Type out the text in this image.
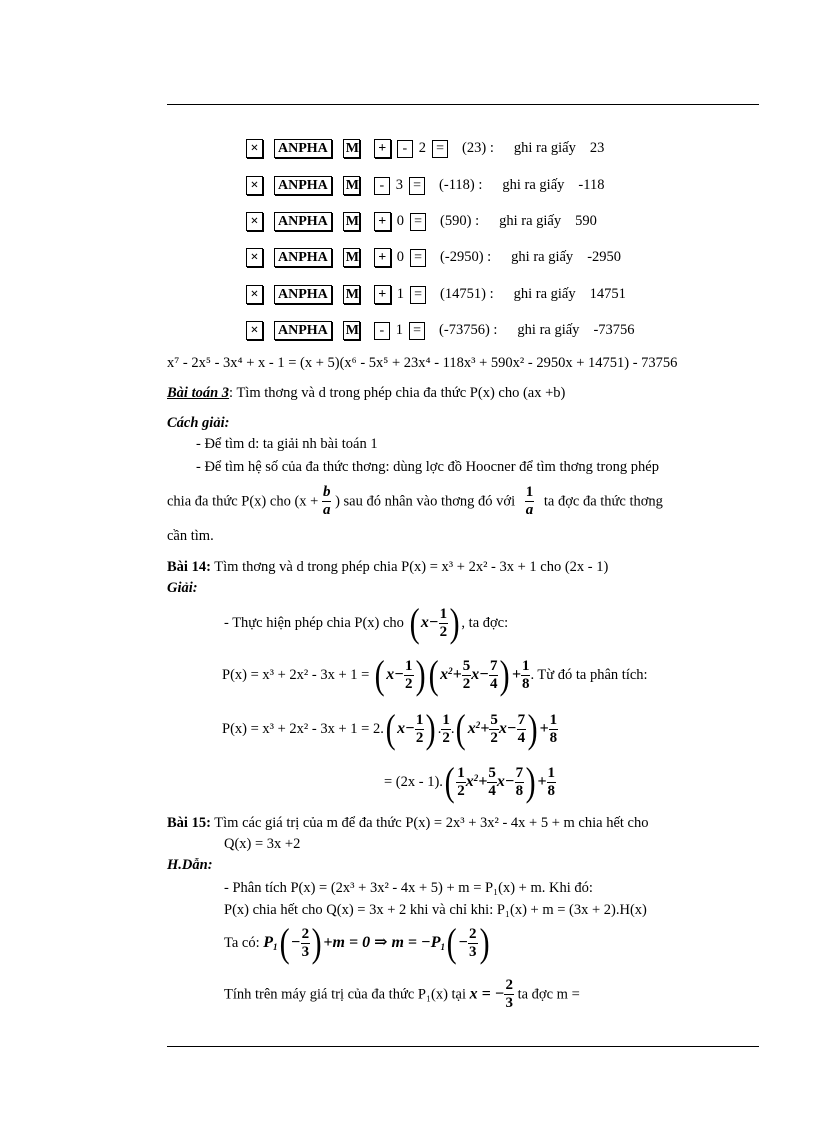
× ANPHA M + - 2 = (23) : ghi ra giấy 23
× ANPHA M - 3 = (-118) : ghi ra giấy -118
× ANPHA M + 0 = (590) : ghi ra giấy 590
× ANPHA M + 0 = (-2950) : ghi ra giấy -2950
× ANPHA M + 1 = (14751) : ghi ra giấy 14751
× ANPHA M - 1 = (-73756) : ghi ra giấy -73756
x⁷ - 2x⁵ - 3x⁴ + x - 1 = (x + 5)(x⁶ - 5x⁵ + 23x⁴ - 118x³ + 590x² - 2950x + 14751) - 73756
Bài toán 3: Tìm thơng và d trong phép chia đa thức P(x) cho (ax +b)
Cách giải:
- Để tìm d: ta giải nh bài toán 1
- Để tìm hệ số của đa thức thơng: dùng lợc đồ Hoocner để tìm thơng trong phép
chia đa thức P(x) cho ($x + \frac{b}{a}$ ) sau đó nhân vào thơng đó với $\frac{1}{a}$ ta đợc đa thức thơng
cần tìm.
Bài 14: Tìm thơng và d trong phép chia P(x) = x³ + 2x² - 3x + 1 cho (2x - 1)
Giải:
- Thực hiện phép chia P(x) cho ( $x- \frac{1}{2}$ ) , ta đợc:
P(x) = x³ + 2x² - 3x + 1 = ( $x- \frac{1}{2}$ )( $x^2+ \frac{5}{2} x- \frac{7}{4}$ ) + $\frac{1}{8}$ . Từ đó ta phân tích:
P(x) = x³ + 2x² - 3x + 1 = 2.( $x- \frac{1}{2}$ ) . $\frac{1}{2}$ .( $x^2+ \frac{5}{2} x- \frac{7}{4}$ ) + $\frac{1}{8}$
= $(2x - 1).( \frac{1}{2} x^2+ \frac{5}{4} x- \frac{7}{8}$ ) + $\frac{1}{8}$
Bài 15: Tìm các giá trị của m để đa thức P(x) = 2x³ + 3x² - 4x + 5 + m chia hết cho
Q(x) = 3x +2
H.Dẫn:
- Phân tích P(x) = (2x³ + 3x² - 4x + 5) + m = P₁(x) + m. Khi đó:
P(x) chia hết cho Q(x) = 3x + 2 khi và chỉ khi: P₁(x) + m = (3x + 2).H(x)
Ta có: $P_1( - \frac{2}{3}$ ) +m = 0 ⇒ $m = -P_1( - \frac{2}{3}$ )
Tính trên máy giá trị của đa thức P₁(x) tại x = − $\frac{2}{3}$ ta đợc m =
